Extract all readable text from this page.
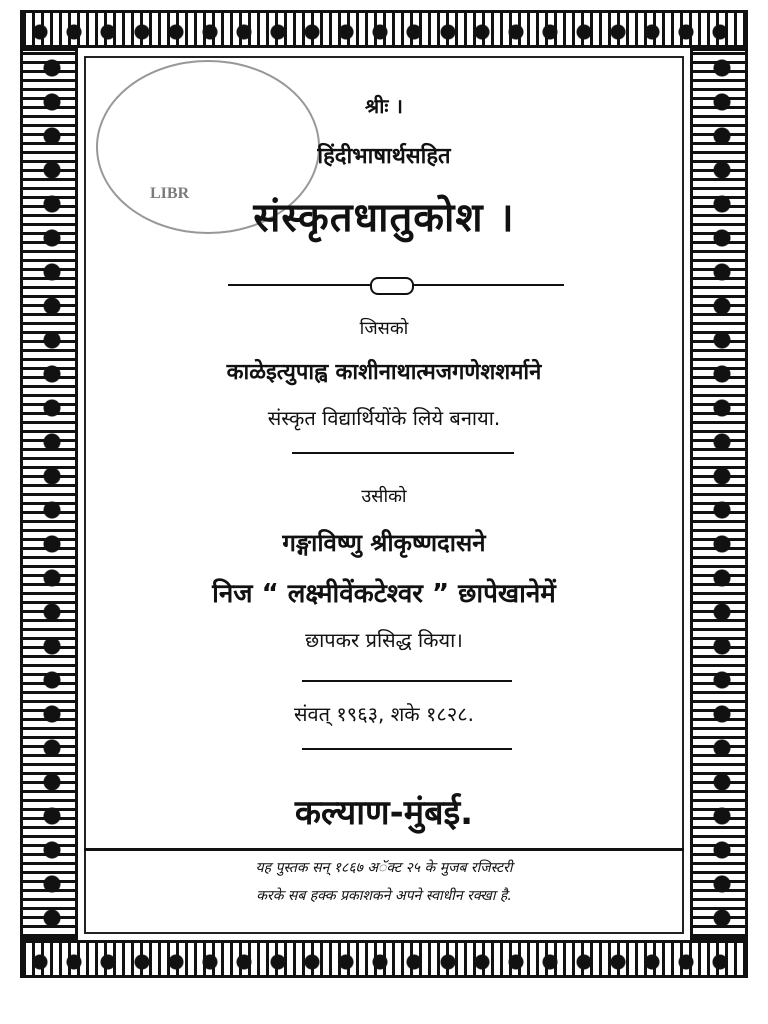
LIBR
श्रीः ।
हिंदीभाषार्थसहित
संस्कृतधातुकोश ।
जिसको
काळेइत्युपाह्व काशीनाथात्मजगणेशशर्माने
संस्कृत विद्यार्थियोंके लिये बनाया.
उसीको
गङ्गाविष्णु श्रीकृष्णदासने
निज “ लक्ष्मीवेंकटेश्वर ” छापेखानेमें
छापकर प्रसिद्ध किया।
संवत् १९६३, शके १८२८.
कल्याण-मुंबई.
यह पुस्तक सन् १८६७ अॅक्ट २५ के मुजब रजिस्टरी
करके सब हक्क प्रकाशकने अपने स्वाधीन रक्खा है.
